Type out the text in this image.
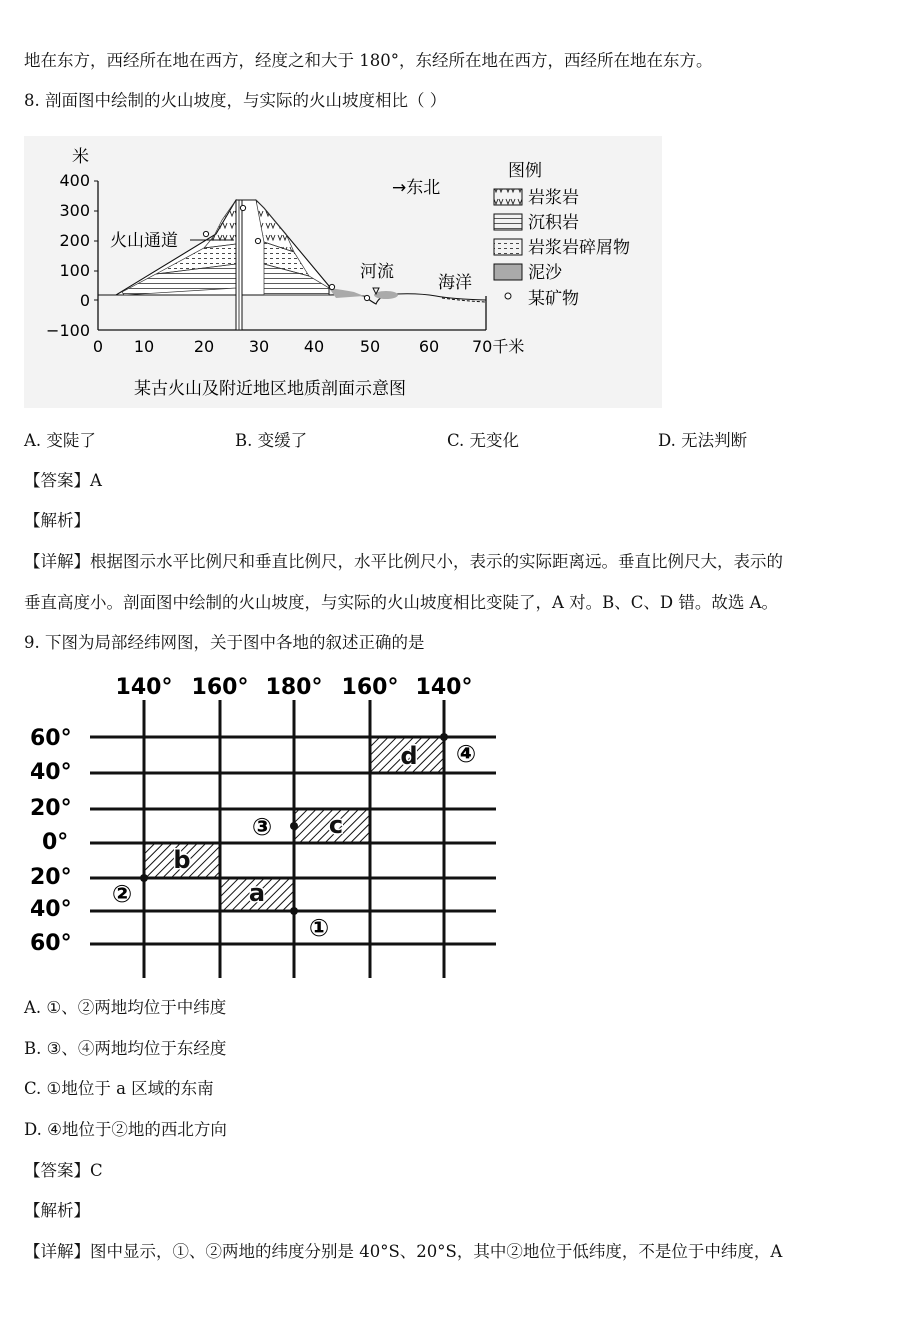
地在东方，西经所在地在西方，经度之和大于 180°，东经所在地在西方，西经所在地在东方。
8. 剖面图中绘制的火山坡度，与实际的火山坡度相比（ ）
米
400
300
200
100
0
−100
0 10 20 30 40 50 60 70千米
火山通道
河流
海洋
→东北
图例
岩浆岩
沉积岩
岩浆岩碎屑物
泥沙
某矿物
某古火山及附近地区地质剖面示意图
A. 变陡了	B. 变缓了	C. 无变化	D. 无法判断
【答案】A
【解析】
【详解】根据图示水平比例尺和垂直比例尺，水平比例尺小，表示的实际距离远。垂直比例尺大，表示的
垂直高度小。剖面图中绘制的火山坡度，与实际的火山坡度相比变陡了，A 对。B、C、D 错。故选 A。
9. 下图为局部经纬网图，关于图中各地的叙述正确的是
140° 160° 180° 160° 140°
60°
40°
20°
0°
20°
40°
60°
a
b
c
d
①
②
③
④
A. ①、②两地均位于中纬度
B. ③、④两地均位于东经度
C. ①地位于 a 区域的东南
D. ④地位于②地的西北方向
【答案】C
【解析】
【详解】图中显示，①、②两地的纬度分别是 40°S、20°S，其中②地位于低纬度，不是位于中纬度，A
